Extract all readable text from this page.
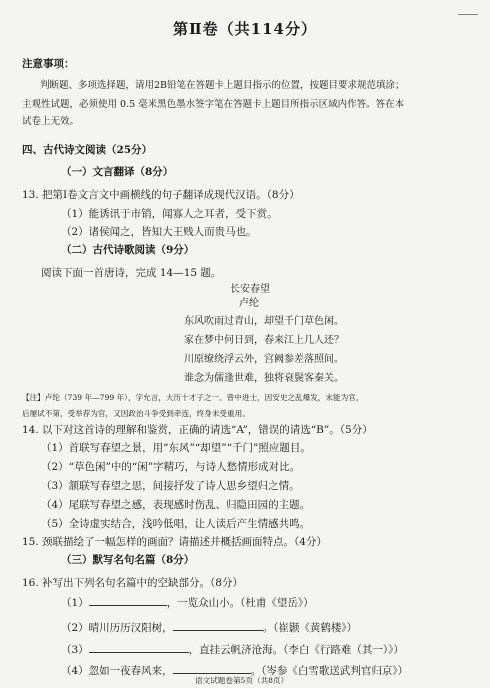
第Ⅱ卷（共114分）
注意事项：
判断题、多项选择题，请用2B铅笔在答题卡上题目指示的位置，按题目要求规范填涂；
主观性试题，必须使用 0.5 毫米黑色墨水签字笔在答题卡上题目所指示区域内作答。答在本
试卷上无效。
四、古代诗文阅读（25分）
（一）文言翻译（8分）
13. 把第Ⅰ卷文言文中画横线的句子翻译成现代汉语。（8分）
（1）能诱讯于市销，闻寡人之耳者，受下赏。
（2）诸侯闻之，皆知大王贱人而贵马也。
（二）古代诗歌阅读（9分）
阅读下面一首唐诗，完成 14—15 题。
长安春望
卢纶
东风吹雨过青山，却望千门草色闲。
家在梦中何日到，春来江上几人还？
川原缭绕浮云外，宫阙参差落照间。
谁念为儒逢世难，独将衰鬓客秦关。
【注】卢纶（739 年—799 年），字允言，大历十才子之一。曾中进士，因安史之乱爆发，未能为官，
后屡试不第，受举荐为官，又因政治斗争受到牵连，终身未受重用。
14. 以下对这首诗的理解和鉴赏，正确的请选“A”，错误的请选“B”。（5分）
（1）首联写春望之景，用“东风”“却望”“千门”照应题目。
（2）“草色闲”中的“闲”字精巧，与诗人愁情形成对比。
（3）颔联写春望之思，间接抒发了诗人思乡望归之情。
（4）尾联写春望之感，表现感时伤乱、归隐田园的主题。
（5）全诗虚实结合，浅吟低唱，让人读后产生情感共鸣。
15. 颈联描绘了一幅怎样的画面？请描述并概括画面特点。（4分）
（三）默写名句名篇（8分）
16. 补写出下列名句名篇中的空缺部分。（8分）
（1）	，一览众山小。（杜甫《望岳》）
（2）晴川历历汉阳树，	。（崔颢《黄鹤楼》）
（3）	，直挂云帆济沧海。（李白《行路难（其一）》）
（4）忽如一夜春风来，	。（岑参《白雪歌送武判官归京》）
语文试题卷第5页（共8页）
